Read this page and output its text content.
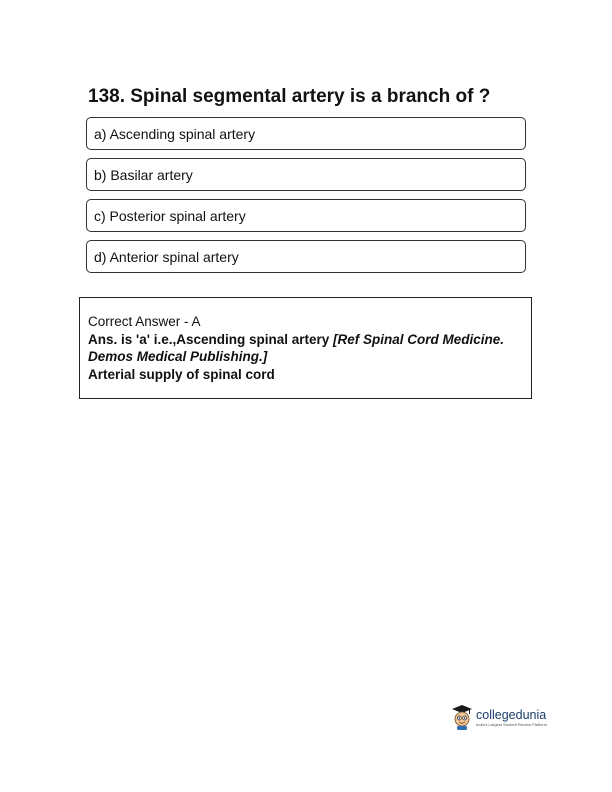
138. Spinal segmental artery is a branch of ?
a) Ascending spinal artery
b) Basilar artery
c) Posterior spinal artery
d) Anterior spinal artery
Correct Answer - A
Ans. is 'a' i.e.,Ascending spinal artery [Ref Spinal Cord Medicine. Demos Medical Publishing.]
Arterial supply of spinal cord
collegedunia
India's Largest Student Review Platform
